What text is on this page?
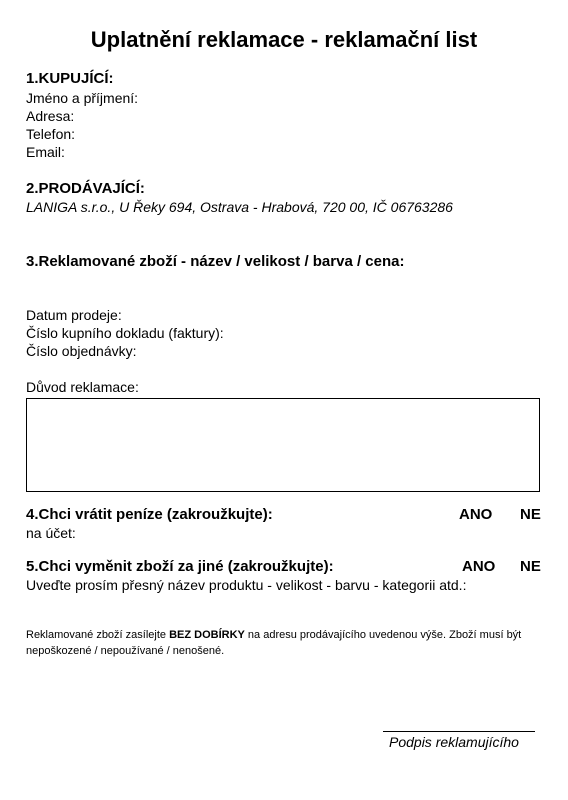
Uplatnění reklamace - reklamační list
1.KUPUJÍCÍ:
Jméno a příjmení:
Adresa:
Telefon:
Email:
2.PRODÁVAJÍCÍ:
LANIGA s.r.o., U Řeky 694, Ostrava - Hrabová, 720 00, IČ 06763286
3.Reklamované zboží - název / velikost / barva / cena:
Datum prodeje:
Číslo kupního dokladu (faktury):
Číslo objednávky:
Důvod reklamace:
4.Chci vrátit peníze (zakroužkujte):	ANO NE
na účet:
5.Chci vyměnit zboží za jiné (zakroužkujte):	ANO NE
Uveďte prosím přesný název produktu - velikost - barvu - kategorii atd.:
Reklamované zboží zasílejte BEZ DOBÍRKY na adresu prodávajícího uvedenou výše. Zboží musí být nepoškozené / nepoužívané / nenošené.
Podpis reklamujícího
